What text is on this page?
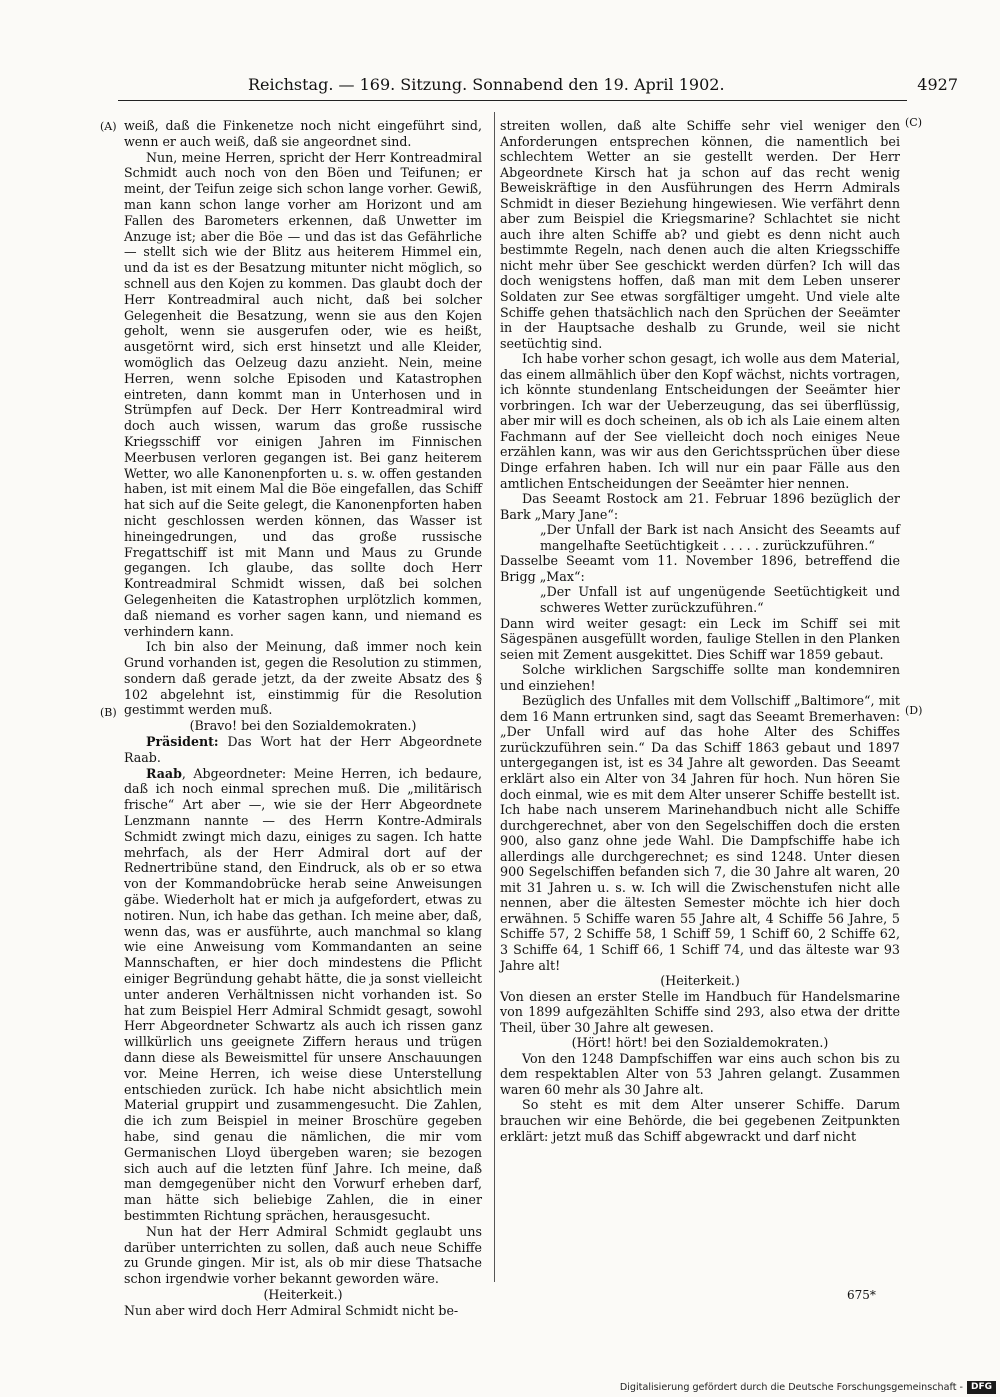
Reichstag. — 169. Sitzung. Sonnabend den 19. April 1902.	4927
(A)
(B)
(C)
(D)

weiß, daß die Finkenetze noch nicht eingeführt sind, wenn er auch weiß, daß sie angeordnet sind.

Nun, meine Herren, spricht der Herr Kontreadmiral Schmidt auch noch von den Böen und Teifunen; er meint, der Teifun zeige sich schon lange vorher. Gewiß, man kann schon lange vorher am Horizont und am Fallen des Barometers erkennen, daß Unwetter im Anzuge ist; aber die Böe — und das ist das Gefährliche — stellt sich wie der Blitz aus heiterem Himmel ein, und da ist es der Besatzung mitunter nicht möglich, so schnell aus den Kojen zu kommen. Das glaubt doch der Herr Kontreadmiral auch nicht, daß bei solcher Gelegenheit die Besatzung, wenn sie aus den Kojen geholt, wenn sie ausgerufen oder, wie es heißt, ausgetörnt wird, sich erst hinsetzt und alle Kleider, womöglich das Oelzeug dazu anzieht. Nein, meine Herren, wenn solche Episoden und Katastrophen eintreten, dann kommt man in Unterhosen und in Strümpfen auf Deck. Der Herr Kontreadmiral wird doch auch wissen, warum das große russische Kriegsschiff vor einigen Jahren im Finnischen Meerbusen verloren gegangen ist. Bei ganz heiterem Wetter, wo alle Kanonenpforten u. s. w. offen gestanden haben, ist mit einem Mal die Böe eingefallen, das Schiff hat sich auf die Seite gelegt, die Kanonenpforten haben nicht geschlossen werden können, das Wasser ist hineingedrungen, und das große russische Fregattschiff ist mit Mann und Maus zu Grunde gegangen. Ich glaube, das sollte doch Herr Kontreadmiral Schmidt wissen, daß bei solchen Gelegenheiten die Katastrophen urplötzlich kommen, daß niemand es vorher sagen kann, und niemand es verhindern kann.

Ich bin also der Meinung, daß immer noch kein Grund vorhanden ist, gegen die Resolution zu stimmen, sondern daß gerade jetzt, da der zweite Absatz des § 102 abgelehnt ist, einstimmig für die Resolution gestimmt werden muß.

(Bravo! bei den Sozialdemokraten.)

Präsident: Das Wort hat der Herr Abgeordnete Raab.

Raab, Abgeordneter: Meine Herren, ich bedaure, daß ich noch einmal sprechen muß. Die „militärisch frische“ Art aber —, wie sie der Herr Abgeordnete Lenzmann nannte — des Herrn Kontre-Admirals Schmidt zwingt mich dazu, einiges zu sagen. Ich hatte mehrfach, als der Herr Admiral dort auf der Rednertribüne stand, den Eindruck, als ob er so etwa von der Kommandobrücke herab seine Anweisungen gäbe. Wiederholt hat er mich ja aufgefordert, etwas zu notiren. Nun, ich habe das gethan. Ich meine aber, daß, wenn das, was er ausführte, auch manchmal so klang wie eine Anweisung vom Kommandanten an seine Mannschaften, er hier doch mindestens die Pflicht einiger Begründung gehabt hätte, die ja sonst vielleicht unter anderen Verhältnissen nicht vorhanden ist. So hat zum Beispiel Herr Admiral Schmidt gesagt, sowohl Herr Abgeordneter Schwartz als auch ich rissen ganz willkürlich uns geeignete Ziffern heraus und trügen dann diese als Beweismittel für unsere Anschauungen vor. Meine Herren, ich weise diese Unterstellung entschieden zurück. Ich habe nicht absichtlich mein Material gruppirt und zusammengesucht. Die Zahlen, die ich zum Beispiel in meiner Broschüre gegeben habe, sind genau die nämlichen, die mir vom Germanischen Lloyd übergeben waren; sie bezogen sich auch auf die letzten fünf Jahre. Ich meine, daß man demgegenüber nicht den Vorwurf erheben darf, man hätte sich beliebige Zahlen, die in einer bestimmten Richtung sprächen, herausgesucht.

Nun hat der Herr Admiral Schmidt geglaubt uns darüber unterrichten zu sollen, daß auch neue Schiffe zu Grunde gingen. Mir ist, als ob mir diese Thatsache schon irgendwie vorher bekannt geworden wäre.

(Heiterkeit.)

Nun aber wird doch Herr Admiral Schmidt nicht be-

streiten wollen, daß alte Schiffe sehr viel weniger den Anforderungen entsprechen können, die namentlich bei schlechtem Wetter an sie gestellt werden. Der Herr Abgeordnete Kirsch hat ja schon auf das recht wenig Beweiskräftige in den Ausführungen des Herrn Admirals Schmidt in dieser Beziehung hingewiesen. Wie verfährt denn aber zum Beispiel die Kriegsmarine? Schlachtet sie nicht auch ihre alten Schiffe ab? und giebt es denn nicht auch bestimmte Regeln, nach denen auch die alten Kriegsschiffe nicht mehr über See geschickt werden dürfen? Ich will das doch wenigstens hoffen, daß man mit dem Leben unserer Soldaten zur See etwas sorgfältiger umgeht. Und viele alte Schiffe gehen thatsächlich nach den Sprüchen der Seeämter in der Hauptsache deshalb zu Grunde, weil sie nicht seetüchtig sind.

Ich habe vorher schon gesagt, ich wolle aus dem Material, das einem allmählich über den Kopf wächst, nichts vortragen, ich könnte stundenlang Entscheidungen der Seeämter hier vorbringen. Ich war der Ueberzeugung, das sei überflüssig, aber mir will es doch scheinen, als ob ich als Laie einem alten Fachmann auf der See vielleicht doch noch einiges Neue erzählen kann, was wir aus den Gerichtssprüchen über diese Dinge erfahren haben. Ich will nur ein paar Fälle aus den amtlichen Entscheidungen der Seeämter hier nennen.

Das Seeamt Rostock am 21. Februar 1896 bezüglich der Bark „Mary Jane“:

„Der Unfall der Bark ist nach Ansicht des Seeamts auf mangelhafte Seetüchtigkeit . . . . . zurückzuführen.“

Dasselbe Seeamt vom 11. November 1896, betreffend die Brigg „Max“:

„Der Unfall ist auf ungenügende Seetüchtigkeit und schweres Wetter zurückzuführen.“

Dann wird weiter gesagt: ein Leck im Schiff sei mit Sägespänen ausgefüllt worden, faulige Stellen in den Planken seien mit Zement ausgekittet. Dies Schiff war 1859 gebaut.

Solche wirklichen Sargschiffe sollte man kondemniren und einziehen!

Bezüglich des Unfalles mit dem Vollschiff „Baltimore“, mit dem 16 Mann ertrunken sind, sagt das Seeamt Bremerhaven: „Der Unfall wird auf das hohe Alter des Schiffes zurückzuführen sein.“ Da das Schiff 1863 gebaut und 1897 untergegangen ist, ist es 34 Jahre alt geworden. Das Seeamt erklärt also ein Alter von 34 Jahren für hoch. Nun hören Sie doch einmal, wie es mit dem Alter unserer Schiffe bestellt ist. Ich habe nach unserem Marinehandbuch nicht alle Schiffe durchgerechnet, aber von den Segelschiffen doch die ersten 900, also ganz ohne jede Wahl. Die Dampfschiffe habe ich allerdings alle durchgerechnet; es sind 1248. Unter diesen 900 Segelschiffen befanden sich 7, die 30 Jahre alt waren, 20 mit 31 Jahren u. s. w. Ich will die Zwischenstufen nicht alle nennen, aber die ältesten Semester möchte ich hier doch erwähnen. 5 Schiffe waren 55 Jahre alt, 4 Schiffe 56 Jahre, 5 Schiffe 57, 2 Schiffe 58, 1 Schiff 59, 1 Schiff 60, 2 Schiffe 62, 3 Schiffe 64, 1 Schiff 66, 1 Schiff 74, und das älteste war 93 Jahre alt!

(Heiterkeit.)

Von diesen an erster Stelle im Handbuch für Handelsmarine von 1899 aufgezählten Schiffe sind 293, also etwa der dritte Theil, über 30 Jahre alt gewesen.

(Hört! hört! bei den Sozialdemokraten.)

Von den 1248 Dampfschiffen war eins auch schon bis zu dem respektablen Alter von 53 Jahren gelangt. Zusammen waren 60 mehr als 30 Jahre alt.

So steht es mit dem Alter unserer Schiffe. Darum brauchen wir eine Behörde, die bei gegebenen Zeitpunkten erklärt: jetzt muß das Schiff abgewrackt und darf nicht

675*
Digitalisierung gefördert durch die Deutsche Forschungsgemeinschaft - DFG
